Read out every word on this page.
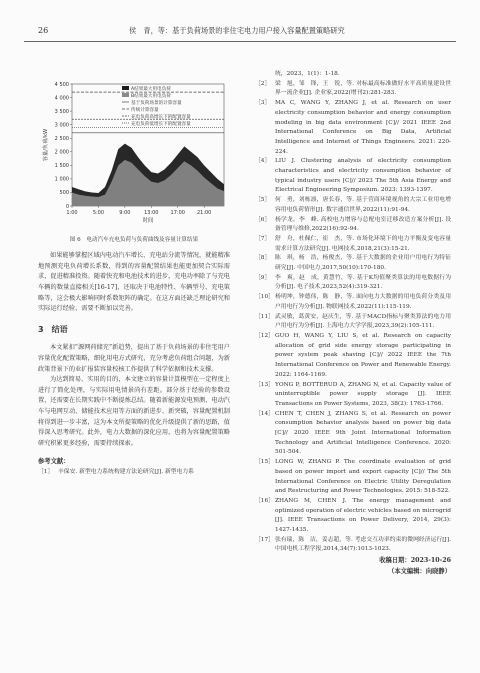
26	侯　青，等：基于负荷场景的非住宅电力用户接入容量配置策略研究
0
500
1 000
1 500
2 000
2 500
3 000
3 500
4 000
4 500
1:00	5:00	9:00	13:00 17:00 21:00
容量/负荷/kW
时间
A结果最大用电负荷
B结果最大用电负荷
基于负荷场景的计算容量
传统计算容量
充电负荷高增长下的配置容量
充电负荷低增长下的配置容量
图 6　电动汽车充电负荷与负荷曲线及容量计算结果

如果能够掌握区域内电动汽车增长、充电站分流等情况，就能精准地预测充电负荷增长系数，得到的容量配置结果也能更加契合实际需求，促进精准投资。随着快充和电池技术的进步，充电功率除了与充电车辆的数量直接相关[16-17]，还取决于电池特性、车辆型号、充电策略等，这会极大影响同时系数矩阵的确定。在这方面还缺乏理论研究和实际运行经验，需要不断加以完善。

3　结语

本文紧扣“源网荷储充”新趋势，提出了基于负荷场景的非住宅用户容量优化配置策略，细化用电方式研究，充分考虑负荷组合问题，为新政策背景下的业扩报装容量校核工作提供了科学依据和技术支撑。

为达到简易、实用的目的，本文建立的容量计算模型在一定程度上进行了简化处理，与实际用电情景尚有差距。部分基于经验的参数设置，还需要在长期实践中不断提炼总结。随着新能源发电预测、电动汽车与电网互动、储能技术应用等方面的新进步、新突破，容量配置机制将得到进一步丰富，这为本文所提策略的优化升级提供了新的思路，值得深入思考研究。此外，电力大数据的深化应用，也将为容量配置策略研究积累更多经验，需要持续探索。

参考文献：
［1］ 辛保安. 新型电力系统构建方法论研究[J]. 新型电力系
统，2023，1(1)：1-18.
［2］ 梁　旭，邹　锋，王　锐，等. 对标最高标准做好水平高质量建设世界一流企业[J]. 企业家,2022(增刊2):281-283.
［3］ MA C, WANG Y, ZHANG J, et al. Research on user electricity consumption behavior and energy consumption modeling in big data environment [C]// 2021 IEEE 2nd International Conference on Big Data, Artificial Intelligence and Internet of Things Engineers. 2021: 220-224.
［4］ LIU J. Clustering analysis of electricity consumption characteristics and electricity consumption behavior of typical industry users [C]// 2023 The 5th Asia Energy and Electrical Engineering Symposium. 2023: 1393-1397.
［5］ 何　勇，刘栋凛，唐长春，等. 基于营商环境视角的大宗工业用电增容用电负荷情形[J]. 数字通信世界,2022(11):91-94.
［6］ 杨学龙，李　峰. 高校电力增容与总配电室迁移改造方案分析[J]. 设备管理与维修,2022(16):92-94.
［7］ 舒　舟，杜佩仁，崔　杰，等. 市场化环境下的电力平衡及变电容量需求计算方法研究[J]. 电网技术,2018,21(3):15-21.
［8］ 陈　琪，杨　浩，杨俊杰，等. 基于大数据的企业用户用电行为特征研究[J]. 中国电力,2017,50(10):170-180.
［9］ 李　爽，赵　成，黄慧竹，等. 基于K均值聚类算法的用电数据行为分析[J]. 电子技术,2023,52(4):319-321.
［10］ 杨明坤，钟德伟，陈　静，等. 面向电力大数据的用电负荷分类及用户用电行为分析[J]. 物联网技术,2022(11):115-119.
［11］ 武灵敏，葛黄安，赵庆生，等. 基于MACD指标与聚类算法的电力用户用电行为分析[J]. 上海电力大学学报,2023,39(2):105-111.
［12］ GUO H, WANG Y, LIU S, et al. Research on capacity allocation of grid side energy storage participating in power system peak shaving [C]// 2022 IEEE the 7th International Conference on Power and Renewable Energy. 2022: 1164-1169.
［13］ YONG P, BOTTERUD A, ZHANG N, et al. Capacity value of uninterruptible power supply storage [J]. IEEE Transactions on Power Systems, 2023, 38(2): 1763-1766.
［14］ CHEN T, CHEN J, ZHANG S, et al. Research on power consumption behavior analysis based on power big data [C]// 2020 IEEE 9th Joint International Information Technology and Artificial Intelligence Conference. 2020: 501-504.
［15］ LONG W, ZHANG P. The coordinate evaluation of grid based on power import and export capacity [C]// The 5th International Conference on Electric Utility Deregulation and Restructuring and Power Technologies. 2015: 518-522.
［16］ ZHANG M, CHEN J. The energy management and optimized operation of electric vehicles based on microgrid [J]. IEEE Transactions on Power Delivery, 2014, 29(3): 1427-1435.
［17］ 张有瑞，陈　洁，姜志超，等. 考虑交互功率约束的微网经济运行[J]. 中国电机工程学报,2014,34(7):1013-1023.
收稿日期：2023-10-26
（本文编辑：向晓静）
